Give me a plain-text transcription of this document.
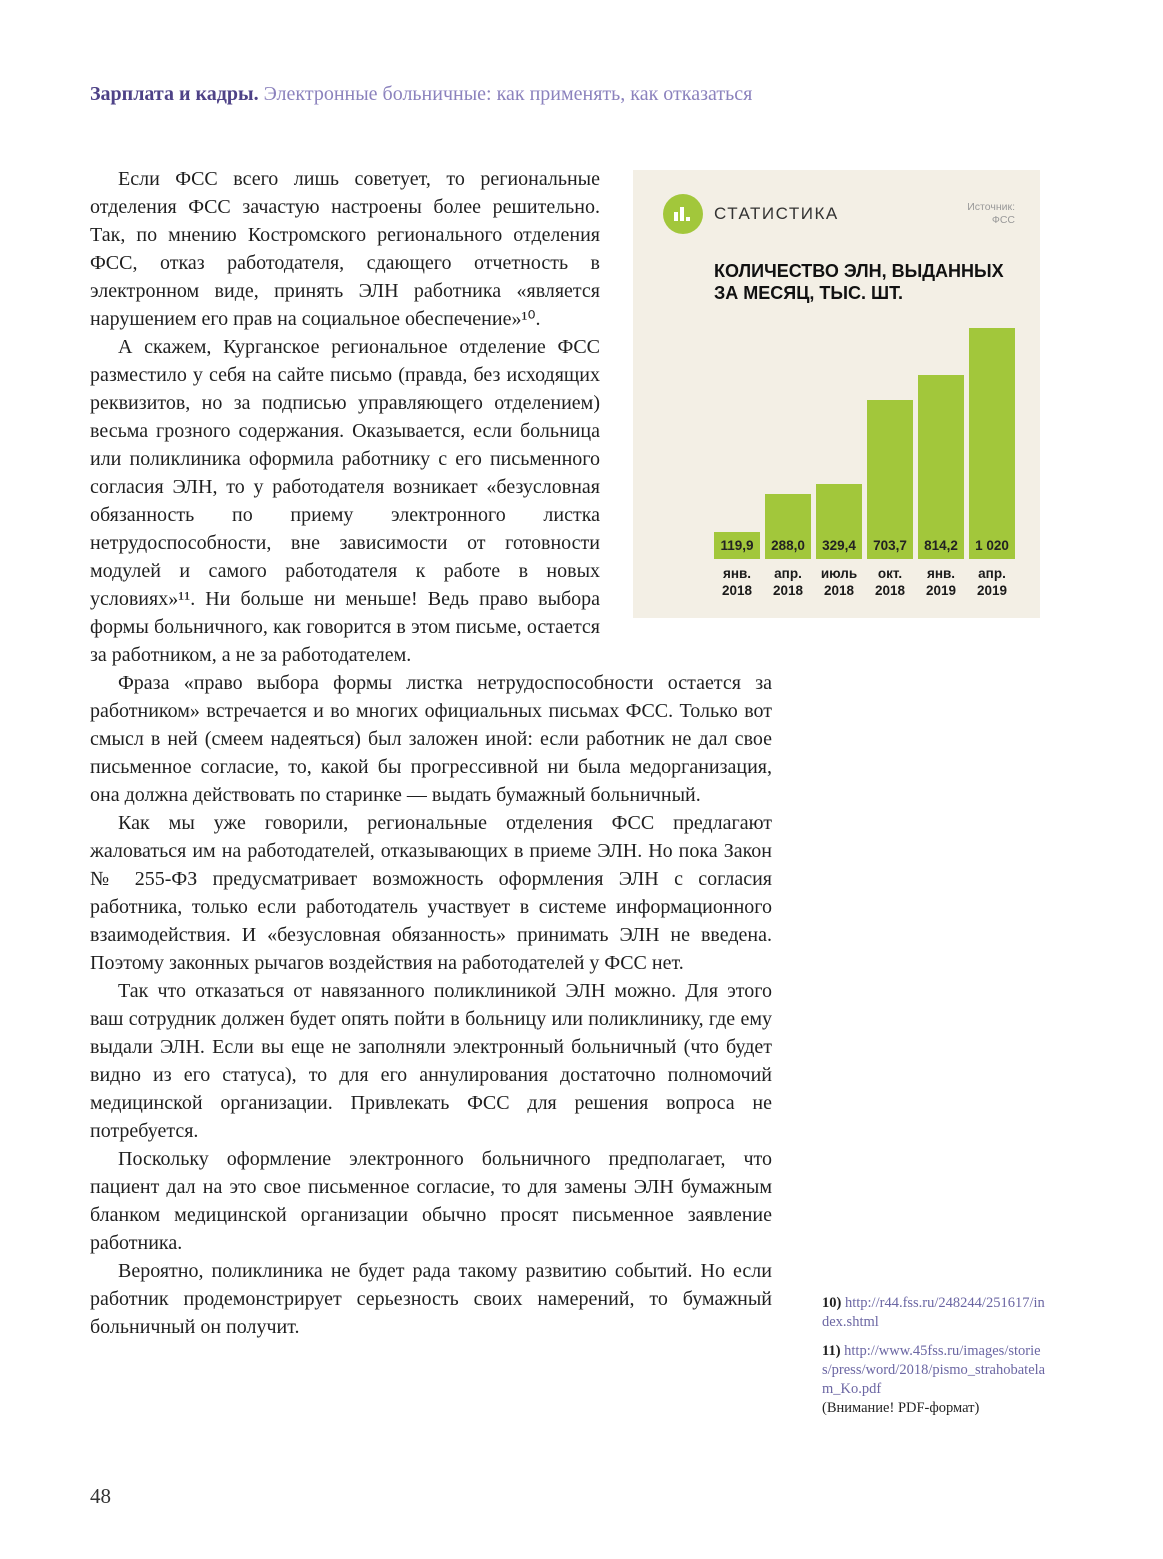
Зарплата и кадры. Электронные больничные: как применять, как отказаться

Если ФСС всего лишь советует, то региональные отделения ФСС зачастую настроены более решительно. Так, по мнению Костромского регионального отделения ФСС, отказ работодателя, сдающего отчетность в электронном виде, принять ЭЛН работника «является нарушением его прав на социальное обеспечение»¹⁰.

А скажем, Курганское региональное отделение ФСС разместило у себя на сайте письмо (правда, без исходящих реквизитов, но за подписью управляющего отделением) весьма грозного содержания. Оказывается, если больница или поликлиника оформила работнику с его письменного согласия ЭЛН, то у работодателя возникает «безусловная обязанность по приему электронного листка нетрудоспособности, вне зависимости от готовности модулей и самого работодателя к работе в новых условиях»¹¹. Ни больше ни меньше! Ведь право выбора формы больничного, как говорится в этом письме, остается за работником, а не за работодателем.

Фраза «право выбора формы листка нетрудоспособности остается за работником» встречается и во многих официальных письмах ФСС. Только вот смысл в ней (смеем надеяться) был заложен иной: если работник не дал свое письменное согласие, то, какой бы прогрессивной ни была медорганизация, она должна действовать по старинке — выдать бумажный больничный.

Как мы уже говорили, региональные отделения ФСС предлагают жаловаться им на работодателей, отказывающих в приеме ЭЛН. Но пока Закон № 255-ФЗ предусматривает возможность оформления ЭЛН с согласия работника, только если работодатель участвует в системе информационного взаимодействия. И «безусловная обязанность» принимать ЭЛН не введена. Поэтому законных рычагов воздействия на работодателей у ФСС нет.

Так что отказаться от навязанного поликлиникой ЭЛН можно. Для этого ваш сотрудник должен будет опять пойти в больницу или поликлинику, где ему выдали ЭЛН. Если вы еще не заполняли электронный больничный (что будет видно из его статуса), то для его аннулирования достаточно полномочий медицинской организации. Привлекать ФСС для решения вопроса не потребуется.

Поскольку оформление электронного больничного предполагает, что пациент дал на это свое письменное согласие, то для замены ЭЛН бумажным бланком медицинской организации обычно просят письменное заявление работника.

Вероятно, поликлиника не будет рада такому развитию событий. Но если работник продемонстрирует серьезность своих намерений, то бумажный больничный он получит.

СТАТИСТИКА	Источник:
ФСС
КОЛИЧЕСТВО ЭЛН, ВЫДАННЫХ ЗА МЕСЯЦ, ТЫС. ШТ.
119,9	288,0	329,4	703,7	814,2	1 020
янв.
2018
апр.
2018
июль
2018
окт.
2018
янв.
2019
апр.
2019
10) http://r44.fss.ru/248244/251617/index.shtml
11) http://www.45fss.ru/images/stories/press/word/2018/pismo_strahobatelam_Ko.pdf
(Внимание! PDF-формат)
48
